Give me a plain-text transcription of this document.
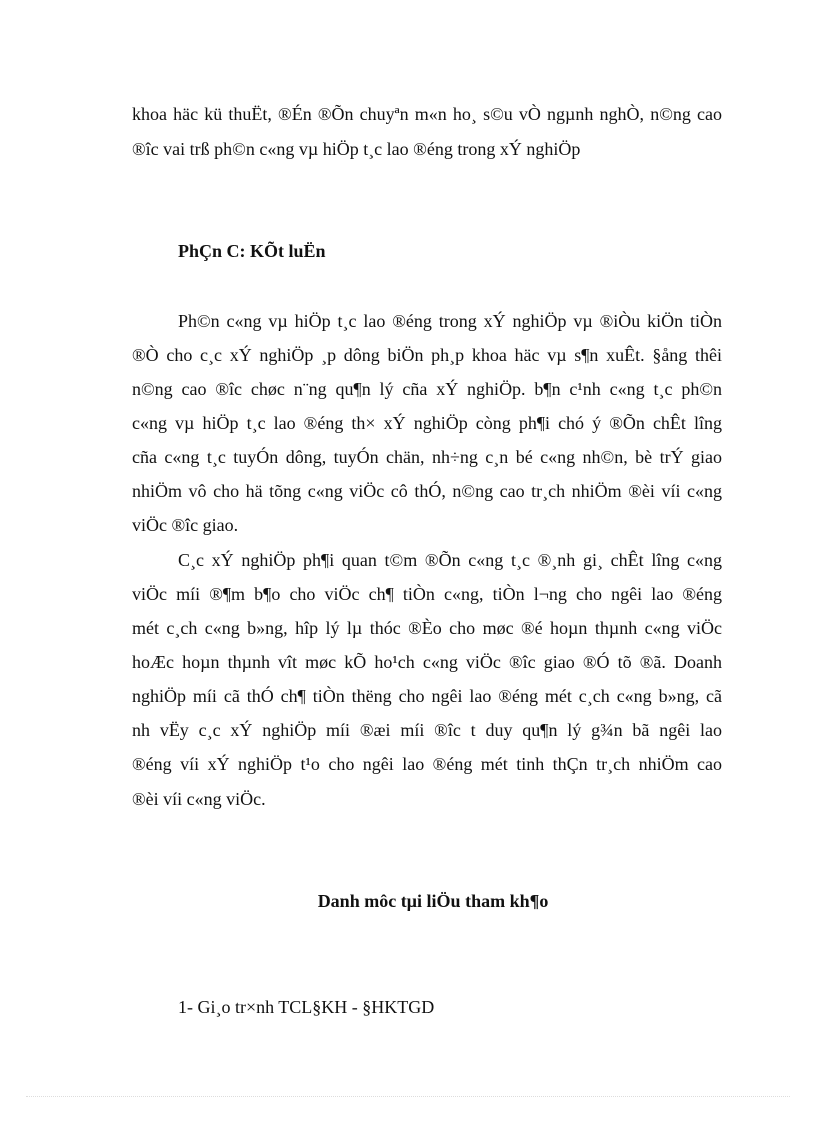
khoa häc kü thuËt, ®Én ®Õn chuyªn m«n ho¸ s©u vÒ ngµnh nghÒ, n©ng cao
®îc vai trß ph©n c«ng vµ hiÖp t¸c lao ®éng trong xÝ nghiÖp
PhÇn C: KÕt luËn
Ph©n c«ng vµ hiÖp t¸c lao ®éng trong xÝ nghiÖp vµ ®iÒu kiÖn tiÒn
®Ò cho c¸c xÝ nghiÖp ¸p dông biÖn ph¸p khoa häc vµ s¶n xuÊt. §ång thêi
n©ng cao ®îc chøc n¨ng qu¶n lý cña xÝ nghiÖp. b¶n c¹nh c«ng t¸c ph©n
c«ng vµ hiÖp t¸c lao ®éng th× xÝ nghiÖp còng ph¶i chó ý ®Õn chÊt lîng
cña c«ng t¸c tuyÓn dông, tuyÓn chän, nh÷ng c¸n bé c«ng nh©n, bè trÝ giao
nhiÖm vô cho hä tõng c«ng viÖc cô thÓ, n©ng cao tr¸ch nhiÖm ®èi víi c«ng
viÖc ®îc giao.
C¸c xÝ nghiÖp ph¶i quan t©m ®Õn c«ng t¸c ®¸nh gi¸ chÊt lîng c«ng
viÖc míi ®¶m b¶o cho viÖc ch¶ tiÒn c«ng, tiÒn l¬ng cho ngêi lao ®éng
mét c¸ch c«ng b»ng, hîp lý lµ thóc ®Èo cho møc ®é hoµn thµnh c«ng viÖc
hoÆc hoµn thµnh vît møc kÕ ho¹ch c«ng viÖc ®îc giao ®Ó tõ ®ã. Doanh
nghiÖp míi cã thÓ ch¶ tiÒn thëng cho ngêi lao ®éng mét c¸ch c«ng b»ng, cã
nh vËy c¸c xÝ nghiÖp míi ®æi míi ®îc t duy qu¶n lý g¾n bã ngêi lao
®éng víi xÝ nghiÖp t¹o cho ngêi lao ®éng mét tinh thÇn tr¸ch nhiÖm cao
®èi víi c«ng viÖc.
Danh môc tµi liÖu tham kh¶o
1- Gi¸o tr×nh TCL§KH - §HKTGD
